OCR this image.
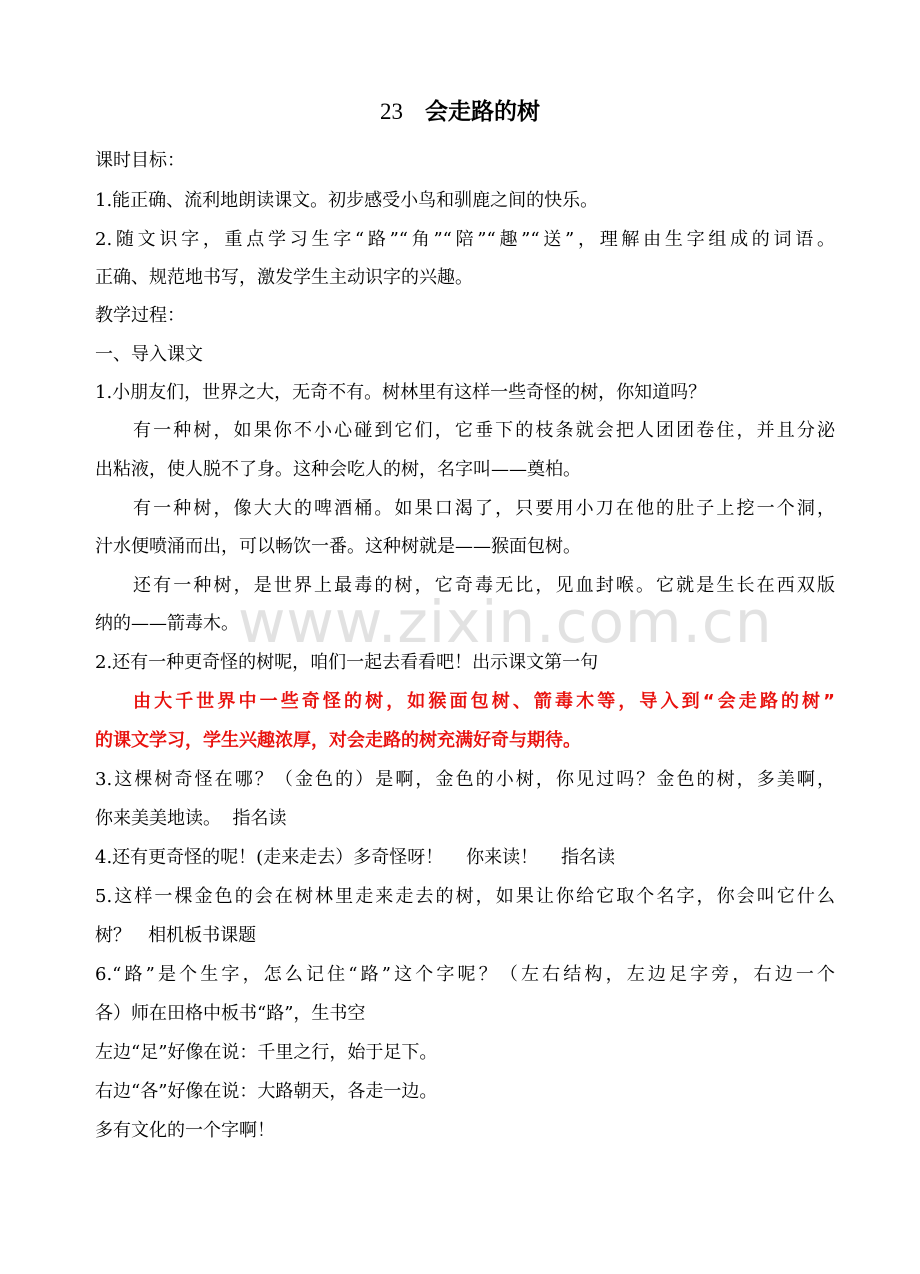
www.zixin.com.cn
23 会走路的树
课时目标：
1.能正确、流利地朗读课文。初步感受小鸟和驯鹿之间的快乐。
2.随文识字，重点学习生字“路”“角”“陪”“趣”“送”，理解由生字组成的词语。
正确、规范地书写，激发学生主动识字的兴趣。
教学过程：
一、导入课文
1.小朋友们，世界之大，无奇不有。树林里有这样一些奇怪的树，你知道吗？
有一种树，如果你不小心碰到它们，它垂下的枝条就会把人团团卷住，并且分泌
出粘液，使人脱不了身。这种会吃人的树，名字叫——奠柏。
有一种树，像大大的啤酒桶。如果口渴了，只要用小刀在他的肚子上挖一个洞，
汁水便喷涌而出，可以畅饮一番。这种树就是——猴面包树。
还有一种树，是世界上最毒的树，它奇毒无比，见血封喉。它就是生长在西双版
纳的——箭毒木。
2.还有一种更奇怪的树呢，咱们一起去看看吧！出示课文第一句
由大千世界中一些奇怪的树，如猴面包树、箭毒木等，导入到“会走路的树”
的课文学习，学生兴趣浓厚，对会走路的树充满好奇与期待。
3.这棵树奇怪在哪？（金色的）是啊，金色的小树，你见过吗？金色的树，多美啊，
你来美美地读。  指名读
4.还有更奇怪的呢！(走来走去）多奇怪呀！    你来读！    指名读
5.这样一棵金色的会在树林里走来走去的树，如果让你给它取个名字，你会叫它什么
树？   相机板书课题
6.“路”是个生字，怎么记住“路”这个字呢？（左右结构，左边足字旁，右边一个
各）师在田格中板书“路”，生书空
左边“足”好像在说：千里之行，始于足下。
右边“各”好像在说：大路朝天，各走一边。
多有文化的一个字啊！
